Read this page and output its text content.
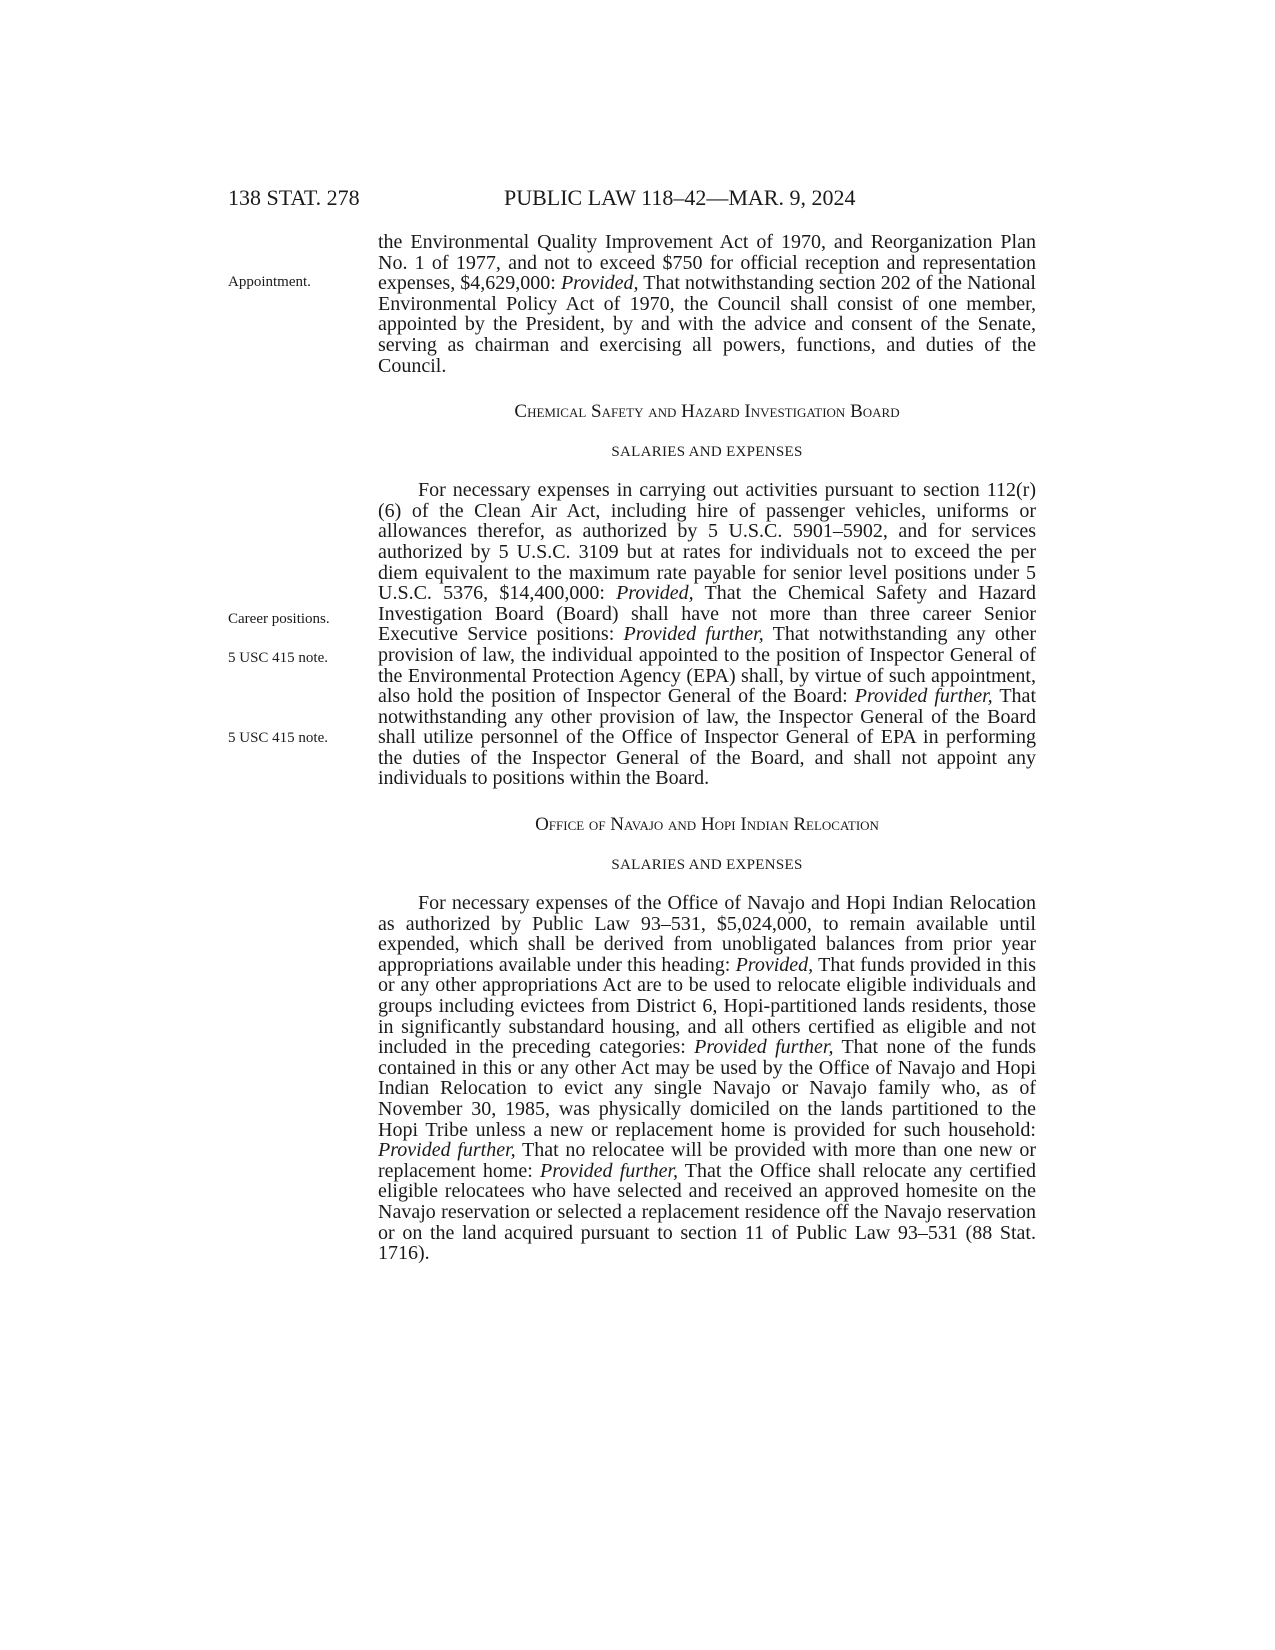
138 STAT. 278	PUBLIC LAW 118–42—MAR. 9, 2024
Appointment.
Career positions.
5 USC 415 note.
5 USC 415 note.

the Environmental Quality Improvement Act of 1970, and Reorganization Plan No. 1 of 1977, and not to exceed $750 for official reception and representation expenses, $4,629,000: Provided, That notwithstanding section 202 of the National Environmental Policy Act of 1970, the Council shall consist of one member, appointed by the President, by and with the advice and consent of the Senate, serving as chairman and exercising all powers, functions, and duties of the Council.

Chemical Safety and Hazard Investigation Board
SALARIES AND EXPENSES

For necessary expenses in carrying out activities pursuant to section 112(r)(6) of the Clean Air Act, including hire of passenger vehicles, uniforms or allowances therefor, as authorized by 5 U.S.C. 5901–5902, and for services authorized by 5 U.S.C. 3109 but at rates for individuals not to exceed the per diem equivalent to the maximum rate payable for senior level positions under 5 U.S.C. 5376, $14,400,000: Provided, That the Chemical Safety and Hazard Investigation Board (Board) shall have not more than three career Senior Executive Service positions: Provided further, That notwithstanding any other provision of law, the individual appointed to the position of Inspector General of the Environmental Protection Agency (EPA) shall, by virtue of such appointment, also hold the position of Inspector General of the Board: Provided further, That notwithstanding any other provision of law, the Inspector General of the Board shall utilize personnel of the Office of Inspector General of EPA in performing the duties of the Inspector General of the Board, and shall not appoint any individuals to positions within the Board.

Office of Navajo and Hopi Indian Relocation
SALARIES AND EXPENSES

For necessary expenses of the Office of Navajo and Hopi Indian Relocation as authorized by Public Law 93–531, $5,024,000, to remain available until expended, which shall be derived from unobligated balances from prior year appropriations available under this heading: Provided, That funds provided in this or any other appropriations Act are to be used to relocate eligible individuals and groups including evictees from District 6, Hopi-partitioned lands residents, those in significantly substandard housing, and all others certified as eligible and not included in the preceding categories: Provided further, That none of the funds contained in this or any other Act may be used by the Office of Navajo and Hopi Indian Relocation to evict any single Navajo or Navajo family who, as of November 30, 1985, was physically domiciled on the lands partitioned to the Hopi Tribe unless a new or replacement home is provided for such household: Provided further, That no relocatee will be provided with more than one new or replacement home: Provided further, That the Office shall relocate any certified eligible relocatees who have selected and received an approved homesite on the Navajo reservation or selected a replacement residence off the Navajo reservation or on the land acquired pursuant to section 11 of Public Law 93–531 (88 Stat. 1716).
